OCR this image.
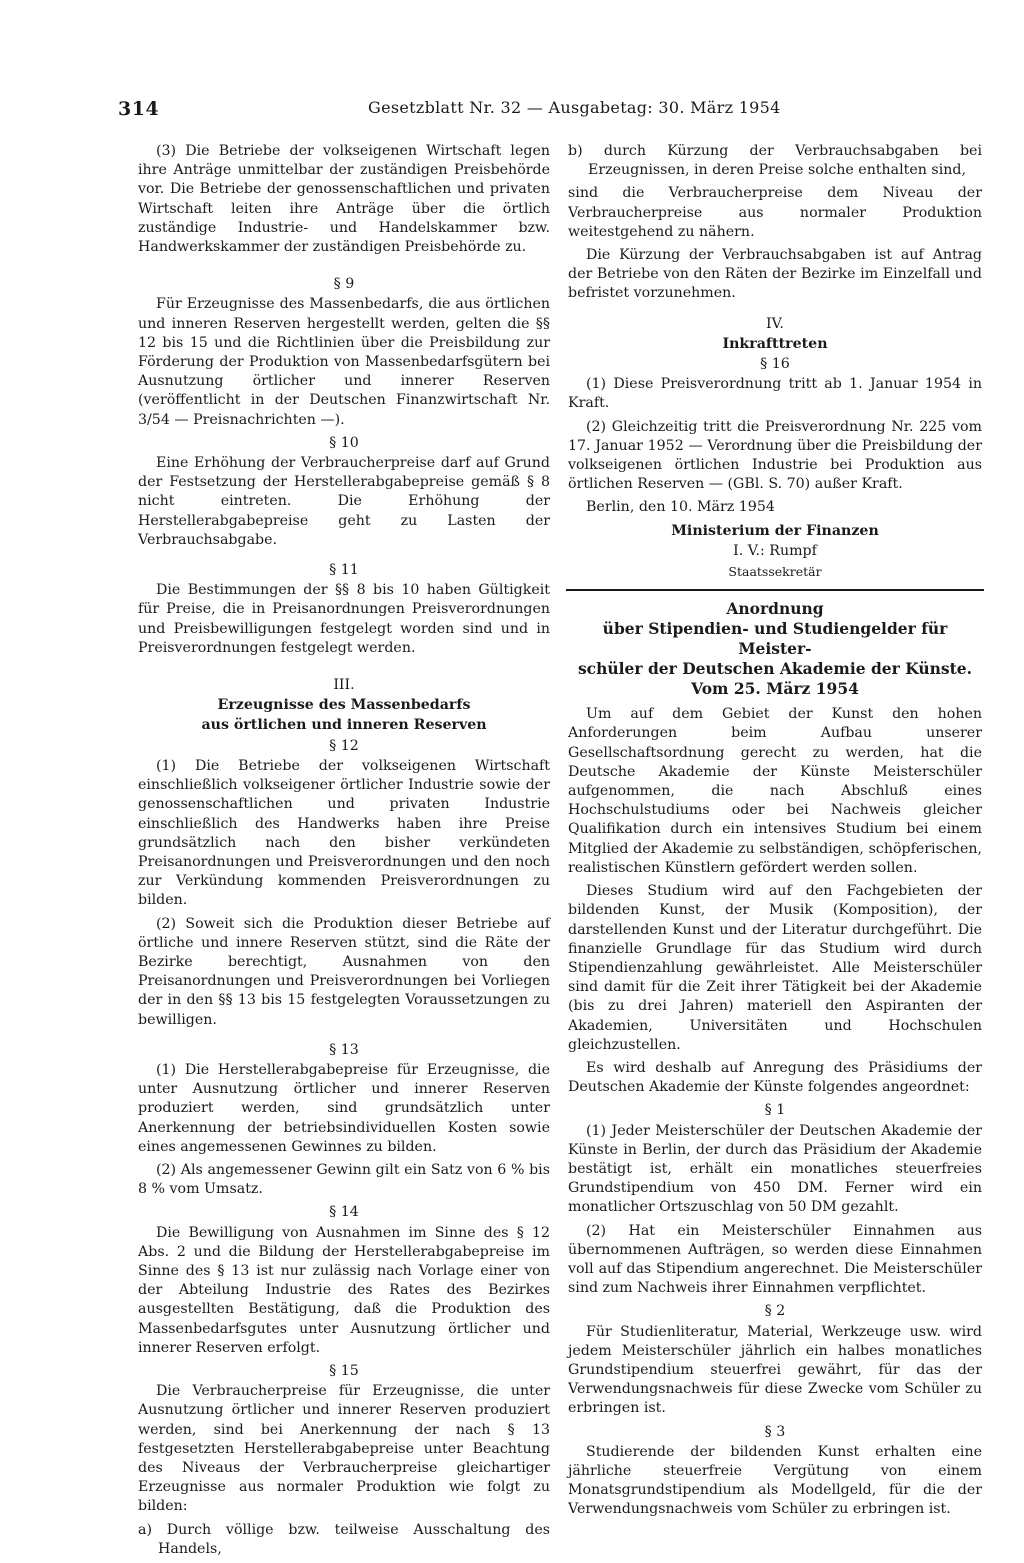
314	Gesetzblatt Nr. 32 — Ausgabetag: 30. März 1954

(3) Die Betriebe der volkseigenen Wirtschaft legen ihre Anträge unmittelbar der zuständigen Preisbehörde vor. Die Betriebe der genossenschaftlichen und privaten Wirtschaft leiten ihre Anträge über die örtlich zuständige Industrie- und Handelskammer bzw. Handwerkskammer der zuständigen Preisbehörde zu.

§ 9

Für Erzeugnisse des Massenbedarfs, die aus örtlichen und inneren Reserven hergestellt werden, gelten die §§ 12 bis 15 und die Richtlinien über die Preisbildung zur Förderung der Produktion von Massenbedarfsgütern bei Ausnutzung örtlicher und innerer Reserven (veröffentlicht in der Deutschen Finanzwirtschaft Nr. 3/54 — Preisnachrichten —).

§ 10

Eine Erhöhung der Verbraucherpreise darf auf Grund der Festsetzung der Herstellerabgabepreise gemäß § 8 nicht eintreten. Die Erhöhung der Herstellerabgabepreise geht zu Lasten der Verbrauchsabgabe.

§ 11

Die Bestimmungen der §§ 8 bis 10 haben Gültigkeit für Preise, die in Preisanordnungen Preisverordnungen und Preisbewilligungen festgelegt worden sind und in Preisverordnungen festgelegt werden.

III.
Erzeugnisse des Massenbedarfs
aus örtlichen und inneren Reserven
§ 12

(1) Die Betriebe der volkseigenen Wirtschaft einschließlich volkseigener örtlicher Industrie sowie der genossenschaftlichen und privaten Industrie einschließlich des Handwerks haben ihre Preise grundsätzlich nach den bisher verkündeten Preisanordnungen und Preisverordnungen und den noch zur Verkündung kommenden Preisverordnungen zu bilden.

(2) Soweit sich die Produktion dieser Betriebe auf örtliche und innere Reserven stützt, sind die Räte der Bezirke berechtigt, Ausnahmen von den Preisanordnungen und Preisverordnungen bei Vorliegen der in den §§ 13 bis 15 festgelegten Voraussetzungen zu bewilligen.

§ 13

(1) Die Herstellerabgabepreise für Erzeugnisse, die unter Ausnutzung örtlicher und innerer Reserven produziert werden, sind grundsätzlich unter Anerkennung der betriebsindividuellen Kosten sowie eines angemessenen Gewinnes zu bilden.

(2) Als angemessener Gewinn gilt ein Satz von 6 % bis 8 % vom Umsatz.

§ 14

Die Bewilligung von Ausnahmen im Sinne des § 12 Abs. 2 und die Bildung der Herstellerabgabepreise im Sinne des § 13 ist nur zulässig nach Vorlage einer von der Abteilung Industrie des Rates des Bezirkes ausgestellten Bestätigung, daß die Produktion des Massenbedarfsgutes unter Ausnutzung örtlicher und innerer Reserven erfolgt.

§ 15

Die Verbraucherpreise für Erzeugnisse, die unter Ausnutzung örtlicher und innerer Reserven produziert werden, sind bei Anerkennung der nach § 13 festgesetzten Herstellerabgabepreise unter Beachtung des Niveaus der Verbraucherpreise gleichartiger Erzeugnisse aus normaler Produktion wie folgt zu bilden:

a) Durch völlige bzw. teilweise Ausschaltung des Handels,

b) durch Kürzung der Verbrauchsabgaben bei Erzeugnissen, in deren Preise solche enthalten sind,

sind die Verbraucherpreise dem Niveau der Verbraucherpreise aus normaler Produktion weitestgehend zu nähern.

Die Kürzung der Verbrauchsabgaben ist auf Antrag der Betriebe von den Räten der Bezirke im Einzelfall und befristet vorzunehmen.

IV.
Inkrafttreten
§ 16

(1) Diese Preisverordnung tritt ab 1. Januar 1954 in Kraft.

(2) Gleichzeitig tritt die Preisverordnung Nr. 225 vom 17. Januar 1952 — Verordnung über die Preisbildung der volkseigenen örtlichen Industrie bei Produktion aus örtlichen Reserven — (GBl. S. 70) außer Kraft.

Berlin, den 10. März 1954

Ministerium der Finanzen
I. V.: Rumpf
Staatssekretär
Anordnung
über Stipendien- und Studiengelder für Meister-
schüler der Deutschen Akademie der Künste.
Vom 25. März 1954

Um auf dem Gebiet der Kunst den hohen Anforderungen beim Aufbau unserer Gesellschaftsordnung gerecht zu werden, hat die Deutsche Akademie der Künste Meisterschüler aufgenommen, die nach Abschluß eines Hochschulstudiums oder bei Nachweis gleicher Qualifikation durch ein intensives Studium bei einem Mitglied der Akademie zu selbständigen, schöpferischen, realistischen Künstlern gefördert werden sollen.

Dieses Studium wird auf den Fachgebieten der bildenden Kunst, der Musik (Komposition), der darstellenden Kunst und der Literatur durchgeführt. Die finanzielle Grundlage für das Studium wird durch Stipendienzahlung gewährleistet. Alle Meisterschüler sind damit für die Zeit ihrer Tätigkeit bei der Akademie (bis zu drei Jahren) materiell den Aspiranten der Akademien, Universitäten und Hochschulen gleichzustellen.

Es wird deshalb auf Anregung des Präsidiums der Deutschen Akademie der Künste folgendes angeordnet:

§ 1

(1) Jeder Meisterschüler der Deutschen Akademie der Künste in Berlin, der durch das Präsidium der Akademie bestätigt ist, erhält ein monatliches steuerfreies Grundstipendium von 450 DM. Ferner wird ein monatlicher Ortszuschlag von 50 DM gezahlt.

(2) Hat ein Meisterschüler Einnahmen aus übernommenen Aufträgen, so werden diese Einnahmen voll auf das Stipendium angerechnet. Die Meisterschüler sind zum Nachweis ihrer Einnahmen verpflichtet.

§ 2

Für Studienliteratur, Material, Werkzeuge usw. wird jedem Meisterschüler jährlich ein halbes monatliches Grundstipendium steuerfrei gewährt, für das der Verwendungsnachweis für diese Zwecke vom Schüler zu erbringen ist.

§ 3

Studierende der bildenden Kunst erhalten eine jährliche steuerfreie Vergütung von einem Monatsgrundstipendium als Modellgeld, für die der Verwendungsnachweis vom Schüler zu erbringen ist.
